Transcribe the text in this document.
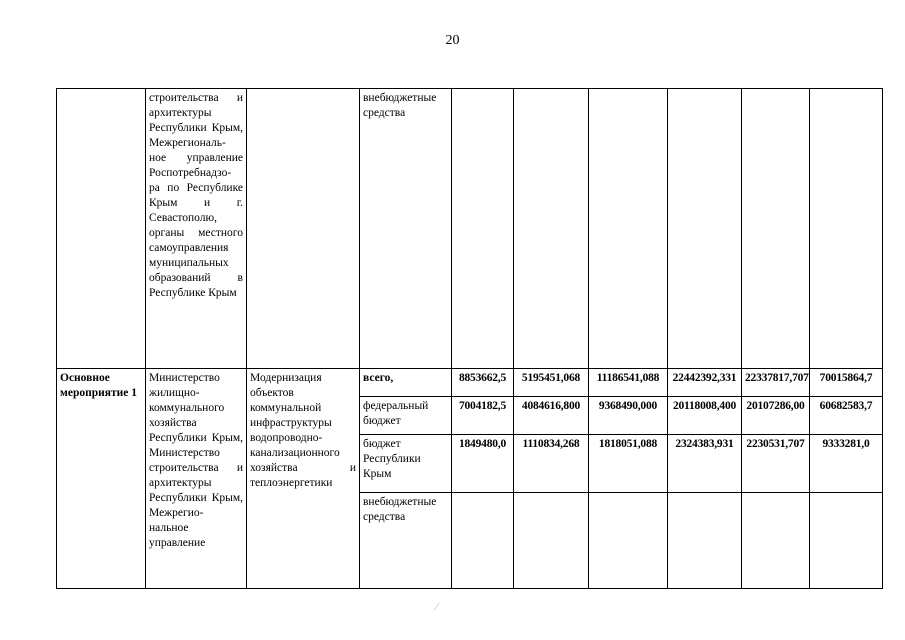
20
	строительства и архитектуры Республики Крым, Межрегиональ- ное управление Роспотребнадзо- ра по Республике Крым и г. Севастополю, органы местного самоуправления муниципальных образований в Республике Крым		внебюджетные средства						
Основное мероприятие 1	Министерство жилищно- коммунального хозяйства Республики Крым, Министерство строительства и архитектуры Республики Крым, Межрегио- нальное управление	Модернизация объектов коммунальной инфраструктуры водопроводно- канализационного хозяйства и теплоэнергетики	всего,	8853662,5	5195451,068	11186541,088	22442392,331	22337817,707	70015864,7
			федеральный бюджет	7004182,5	4084616,800	9368490,000	20118008,400	20107286,00	60682583,7
			бюджет Республики Крым	1849480,0	1110834,268	1818051,088	2324383,931	2230531,707	9333281,0
			внебюджетные средства						
⁄
